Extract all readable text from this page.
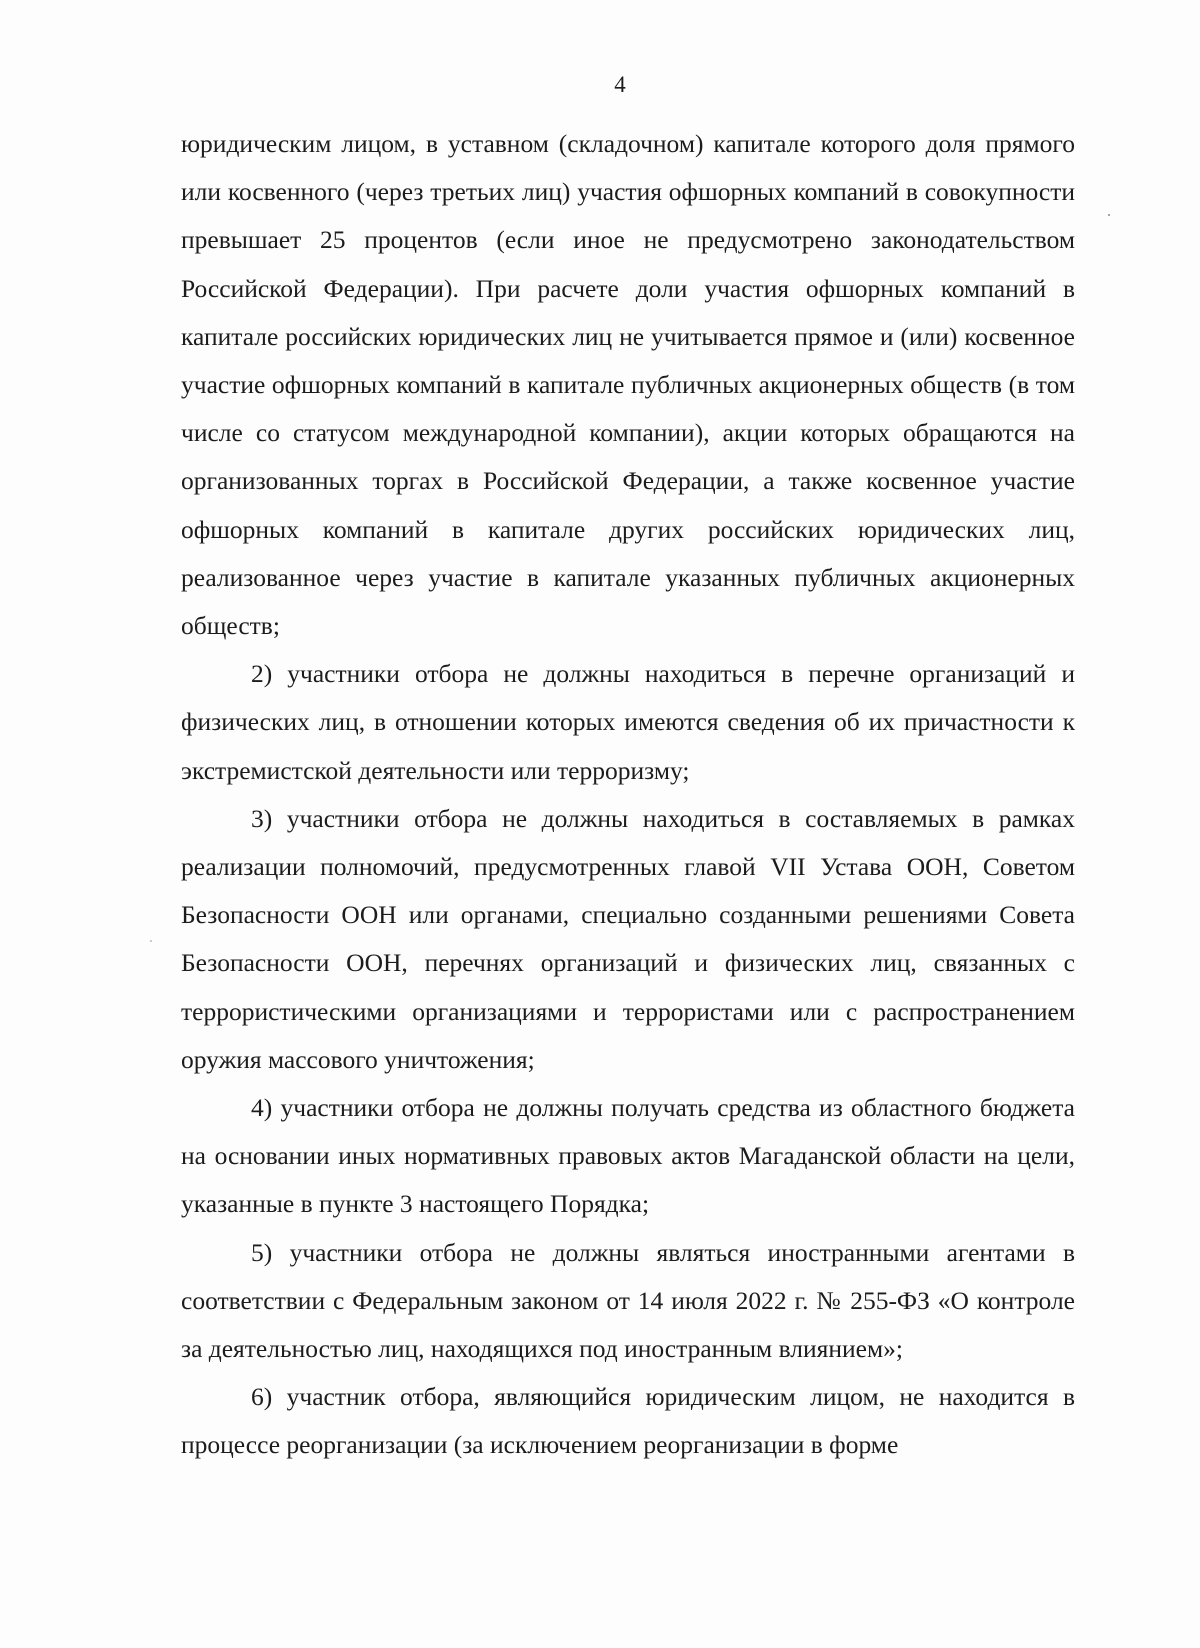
4

юридическим лицом, в уставном (складочном) капитале которого доля прямого или косвенного (через третьих лиц) участия офшорных компаний в совокупности превышает 25 процентов (если иное не предусмотрено законодательством Российской Федерации). При расчете доли участия офшорных компаний в капитале российских юридических лиц не учитывается прямое и (или) косвенное участие офшорных компаний в капитале публичных акционерных обществ (в том числе со статусом международной компании), акции которых обращаются на организованных торгах в Российской Федерации, а также косвенное участие офшорных компаний в капитале других российских юридических лиц, реализованное через участие в капитале указанных публичных акционерных обществ;

2) участники отбора не должны находиться в перечне организаций и физических лиц, в отношении которых имеются сведения об их причастности к экстремистской деятельности или терроризму;

3) участники отбора не должны находиться в составляемых в рамках реализации полномочий, предусмотренных главой VII Устава ООН, Советом Безопасности ООН или органами, специально созданными решениями Совета Безопасности ООН, перечнях организаций и физических лиц, связанных с террористическими организациями и террористами или с распространением оружия массового уничтожения;

4) участники отбора не должны получать средства из областного бюджета на основании иных нормативных правовых актов Магаданской области на цели, указанные в пункте 3 настоящего Порядка;

5) участники отбора не должны являться иностранными агентами в соответствии с Федеральным законом от 14 июля 2022 г. № 255-ФЗ «О контроле за деятельностью лиц, находящихся под иностранным влиянием»;

6) участник отбора, являющийся юридическим лицом, не находится в процессе реорганизации (за исключением реорганизации в форме
